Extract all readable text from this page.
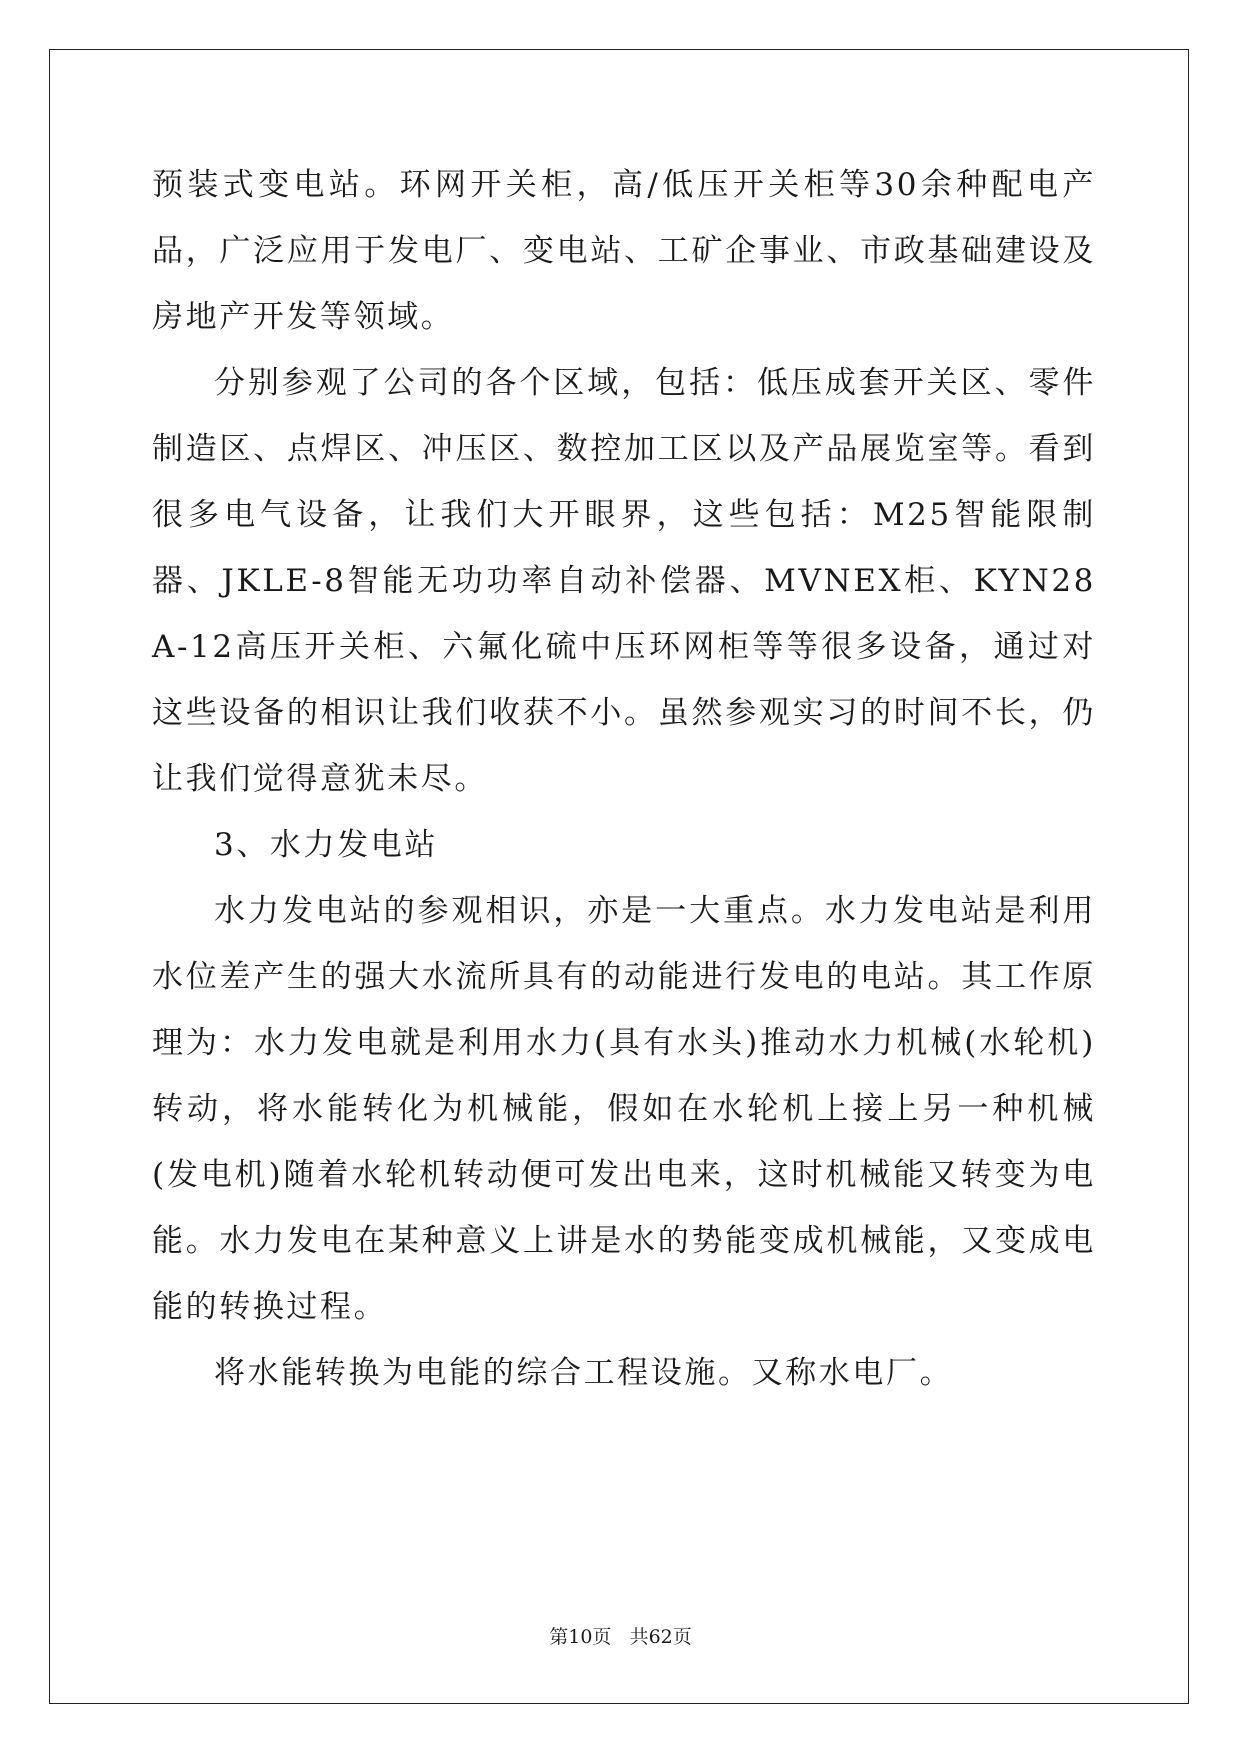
预装式变电站。环网开关柜，高/低压开关柜等30余种配电产品，广泛应用于发电厂、变电站、工矿企事业、市政基础建设及房地产开发等领域。

分别参观了公司的各个区域，包括：低压成套开关区、零件制造区、点焊区、冲压区、数控加工区以及产品展览室等。看到很多电气设备，让我们大开眼界，这些包括：M25智能限制器、JKLE-8智能无功功率自动补偿器、MVNEX柜、KYN28A-12高压开关柜、六氟化硫中压环网柜等等很多设备，通过对这些设备的相识让我们收获不小。虽然参观实习的时间不长，仍让我们觉得意犹未尽。

3、水力发电站

水力发电站的参观相识，亦是一大重点。水力发电站是利用水位差产生的强大水流所具有的动能进行发电的电站。其工作原理为：水力发电就是利用水力(具有水头)推动水力机械(水轮机)转动，将水能转化为机械能，假如在水轮机上接上另一种机械(发电机)随着水轮机转动便可发出电来，这时机械能又转变为电能。水力发电在某种意义上讲是水的势能变成机械能，又变成电能的转换过程。

将水能转换为电能的综合工程设施。又称水电厂。

第10页 共62页
